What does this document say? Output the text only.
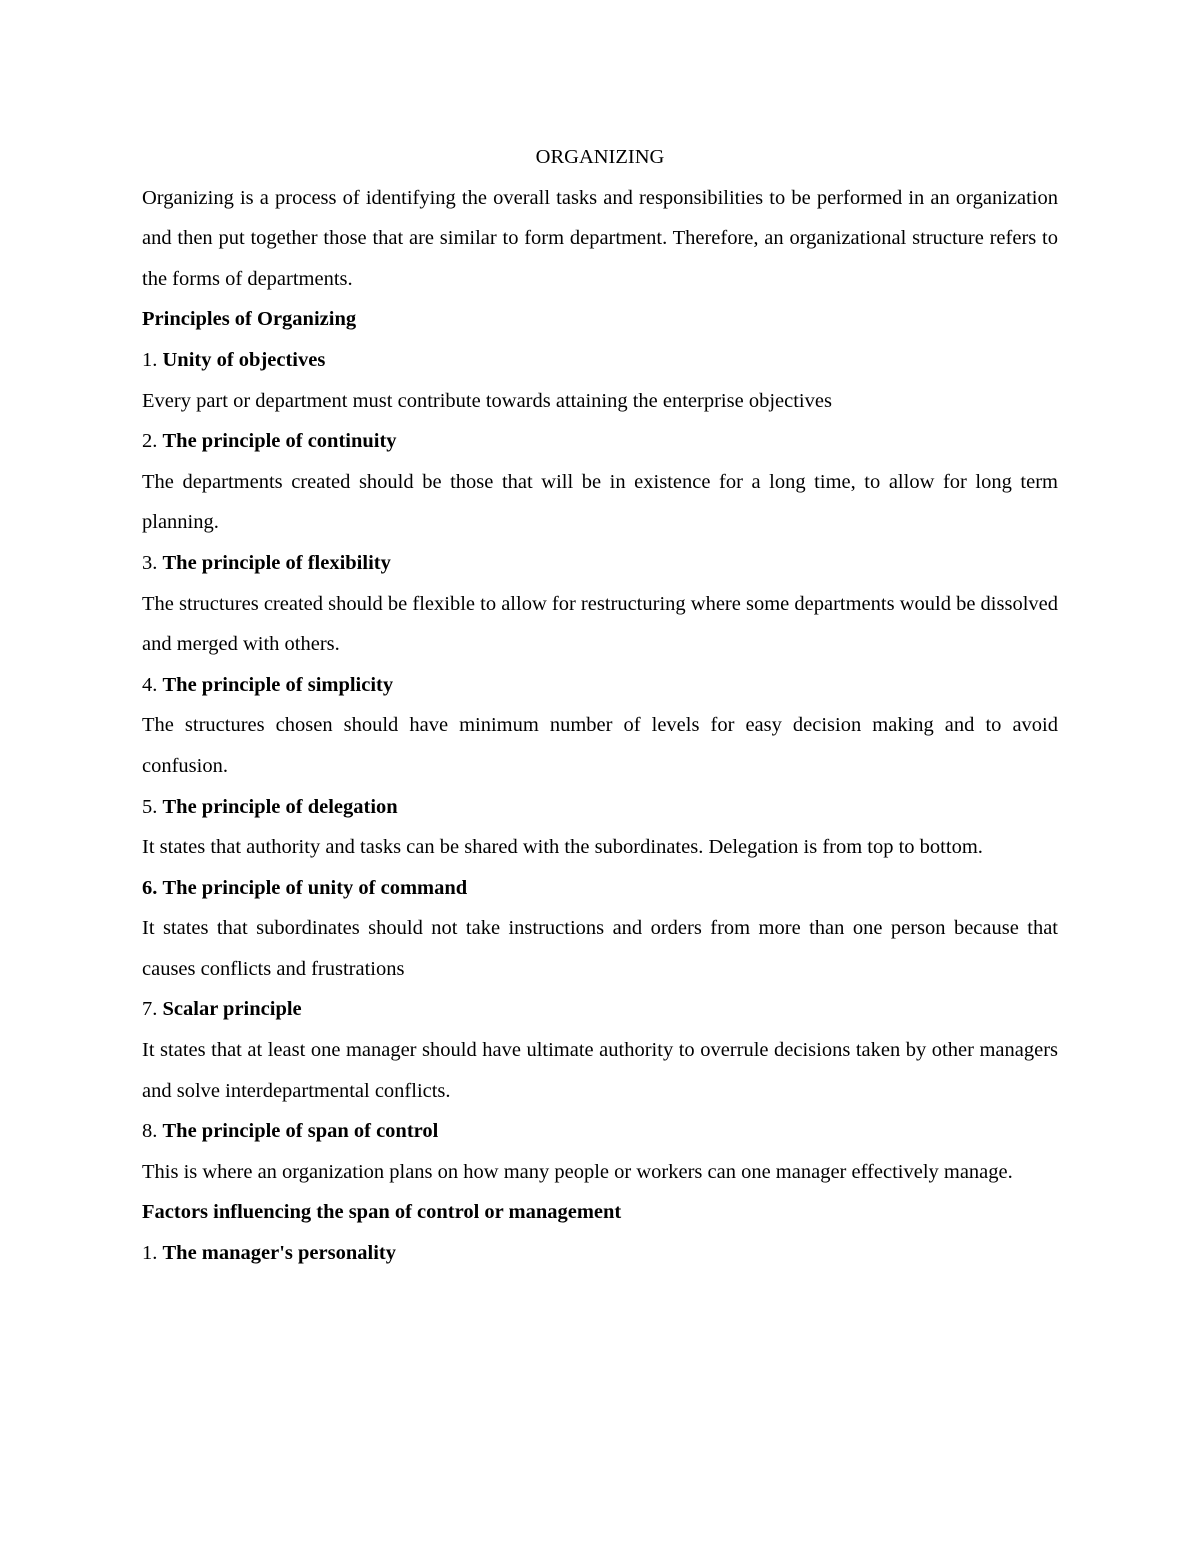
ORGANIZING

Organizing is a process of identifying the overall tasks and responsibilities to be performed in an organization and then put together those that are similar to form department. Therefore, an organizational structure refers to the forms of departments.

Principles of Organizing

1. Unity of objectives

Every part or department must contribute towards attaining the enterprise objectives

2. The principle of continuity

The departments created should be those that will be in existence for a long time, to allow for long term planning.

3. The principle of flexibility

The structures created should be flexible to allow for restructuring where some departments would be dissolved and merged with others.

4. The principle of simplicity

The structures chosen should have minimum number of levels for easy decision making and to avoid confusion.

5. The principle of delegation

It states that authority and tasks can be shared with the subordinates. Delegation is from top to bottom.

6. The principle of unity of command

It states that subordinates should not take instructions and orders from more than one person because that causes conflicts and frustrations

7. Scalar principle

It states that at least one manager should have ultimate authority to overrule decisions taken by other managers and solve interdepartmental conflicts.

8. The principle of span of control

This is where an organization plans on how many people or workers can one manager effectively manage.

Factors influencing the span of control or management

1. The manager's personality
